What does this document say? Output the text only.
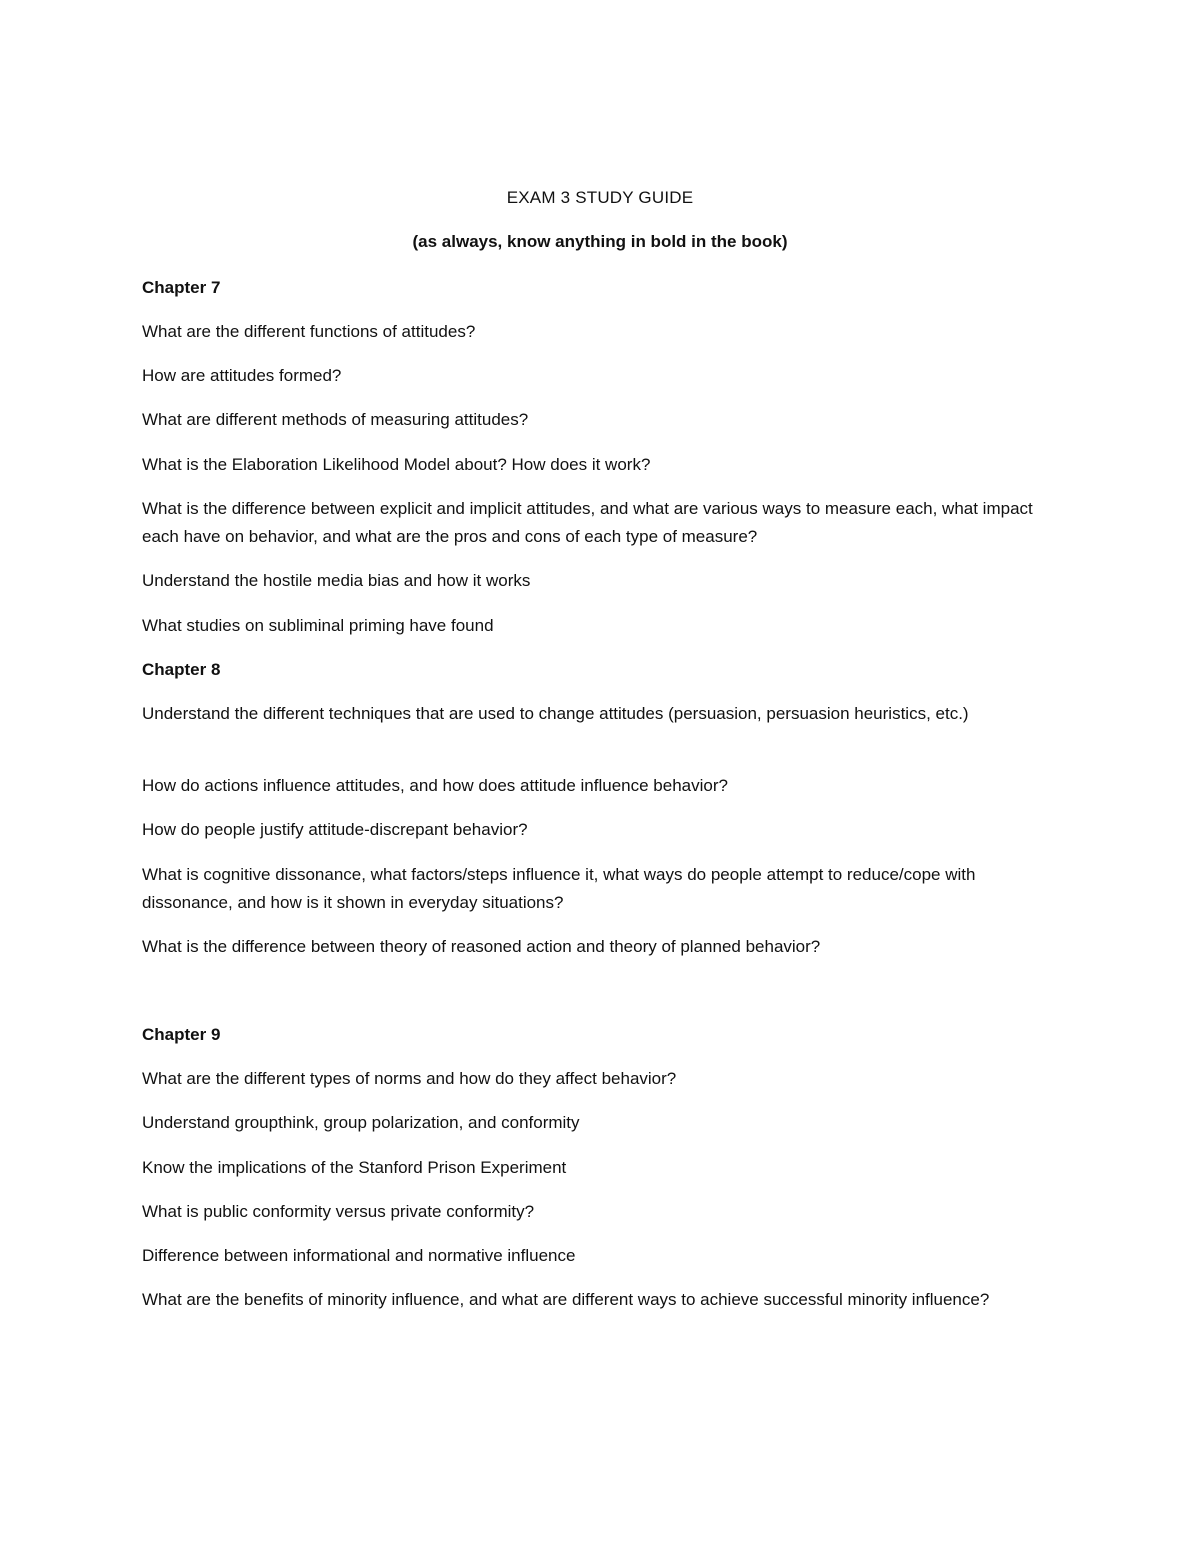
EXAM 3 STUDY GUIDE
(as always, know anything in bold in the book)
Chapter 7
What are the different functions of attitudes?
How are attitudes formed?
What are different methods of measuring attitudes?
What is the Elaboration Likelihood Model about? How does it work?
What is the difference between explicit and implicit attitudes, and what are various ways to measure each, what impact each have on behavior, and what are the pros and cons of each type of measure?
Understand the hostile media bias and how it works
What studies on subliminal priming have found
Chapter 8
Understand the different techniques that are used to change attitudes (persuasion, persuasion heuristics, etc.)
How do actions influence attitudes, and how does attitude influence behavior?
How do people justify attitude-discrepant behavior?
What is cognitive dissonance, what factors/steps influence it, what ways do people attempt to reduce/cope with dissonance, and how is it shown in everyday situations?
What is the difference between theory of reasoned action and theory of planned behavior?
Chapter 9
What are the different types of norms and how do they affect behavior?
Understand groupthink, group polarization, and conformity
Know the implications of the Stanford Prison Experiment
What is public conformity versus private conformity?
Difference between informational and normative influence
What are the benefits of minority influence, and what are different ways to achieve successful minority influence?
